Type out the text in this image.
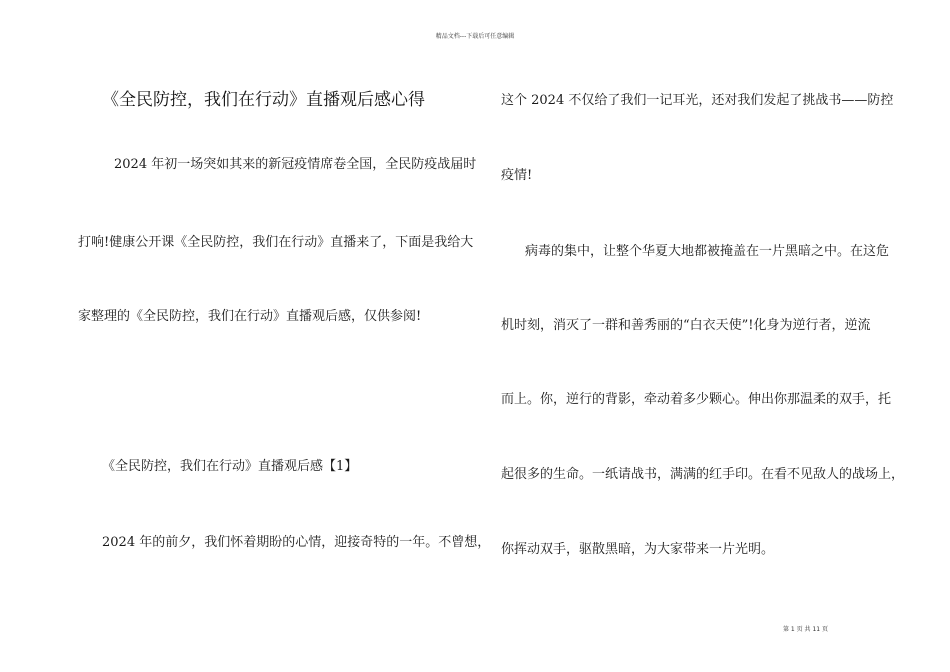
精品文档---下载后可任意编辑
《全民防控，我们在行动》直播观后感心得
2024 年初一场突如其来的新冠疫情席卷全国，全民防疫战届时
打响!健康公开课《全民防控，我们在行动》直播来了，下面是我给大
家整理的《全民防控，我们在行动》直播观后感，仅供参阅!
《全民防控，我们在行动》直播观后感【1】
2024 年的前夕，我们怀着期盼的心情，迎接奇特的一年。不曾想，
这个 2024 不仅给了我们一记耳光，还对我们发起了挑战书——防控
疫情!
病毒的集中，让整个华夏大地都被掩盖在一片黑暗之中。在这危
机时刻，消灭了一群和善秀丽的“白衣天使”!化身为逆行者，逆流
而上。你，逆行的背影，牵动着多少颗心。伸出你那温柔的双手，托
起很多的生命。一纸请战书，满满的红手印。在看不见敌人的战场上，
你挥动双手，驱散黑暗，为大家带来一片光明。
第 1 页 共 11 页
